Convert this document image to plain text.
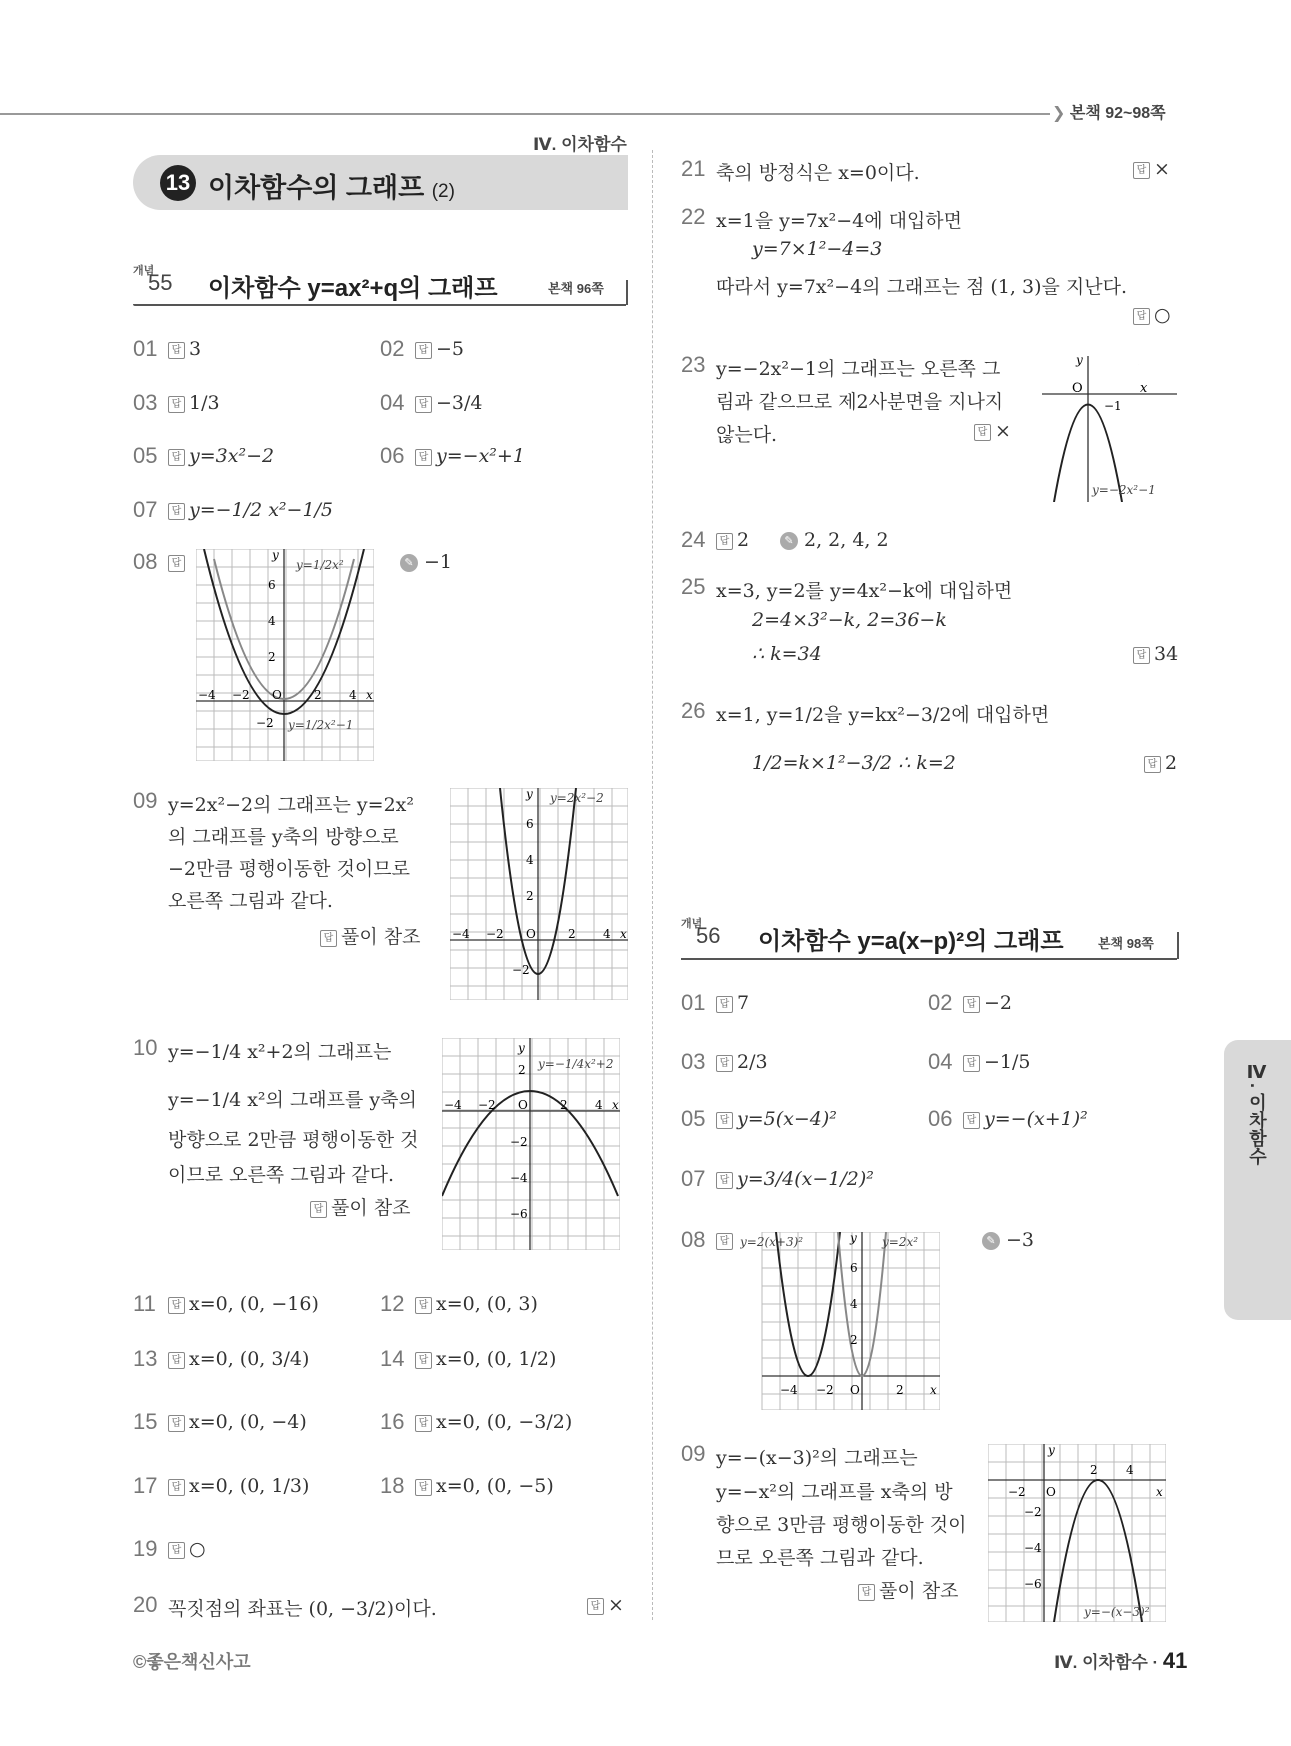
❯ 본책 92~98쪽
Ⅳ. 이차함수
13 이차함수의 그래프 (2)
개념
55 이차함수 y=ax²+q의 그래프	본책 96쪽
01	답 3	02	답 −5
03	답 1/3	04	답 −3/4
05	답 y=3x²−2	06	답 y=−x²+1
07	답 y=−1/2 x²−1/5
08	답	✎ −1
6
4
2
−4 −2 O	2 4 x
y
−2
y=1/2x²
y=1/2x²−1
09 y=2x²−2의 그래프는 y=2x²
의 그래프를 y축의 방향으로
−2만큼 평행이동한 것이므로
오른쪽 그림과 같다.
답 풀이 참조
6
4
2
−4 −2 O	2 4 x
y
−2
y=2x²−2
10 y=−1/4 x²+2의 그래프는
y=−1/4 x²의 그래프를 y축의
방향으로 2만큼 평행이동한 것
이므로 오른쪽 그림과 같다.
답 풀이 참조
2
−2
−4
−6
−4 −2 O	2 4 x
y
y=−1/4x²+2
11	답 x=0, (0, −16)	12	답 x=0, (0, 3)
13	답 x=0, (0, 3/4)	14	답 x=0, (0, 1/2)
15	답 x=0, (0, −4)	16	답 x=0, (0, −3/2)
17	답 x=0, (0, 1/3)	18	답 x=0, (0, −5)
19	답 ○
20 꼭짓점의 좌표는 (0, −3/2)이다.	답 ×
21 축의 방정식은 x=0이다.	답 ×
22 x=1을 y=7x²−4에 대입하면
y=7×1²−4=3
따라서 y=7x²−4의 그래프는 점 (1, 3)을 지난다.
답 ○
23 y=−2x²−1의 그래프는 오른쪽 그
림과 같으므로 제2사분면을 지나지
않는다.	답 ×
O
y	.
−1
x
y=−2x²−1
24	답 2	✎ 2, 2, 4, 2
25 x=3, y=2를 y=4x²−k에 대입하면
2=4×3²−k, 2=36−k
∴ k=34	답 34
26 x=1, y=1/2을 y=kx²−3/2에 대입하면
1/2=k×1²−3/2 ∴ k=2	답 2
개념
56 이차함수 y=a(x−p)²의 그래프	본책 98쪽
01	답 7	02	답 −2
03	답 2/3	04	답 −1/5
05	답 y=5(x−4)²	06	답 y=−(x+1)²
07	답 y=3/4(x−1/2)²
08	답	✎ −3
6
4
2
−4 −2 O	2 x
y
y=2(x+3)²	y=2x²
09 y=−(x−3)²의 그래프는
y=−x²의 그래프를 x축의 방
향으로 3만큼 평행이동한 것이
므로 오른쪽 그림과 같다.
답 풀이 참조
−2 O
2 4
x
y
−2
−4
−6
y=−(x−3)²
Ⅳ. 이차함수
©좋은책신사고	Ⅳ. 이차함수 · 41
